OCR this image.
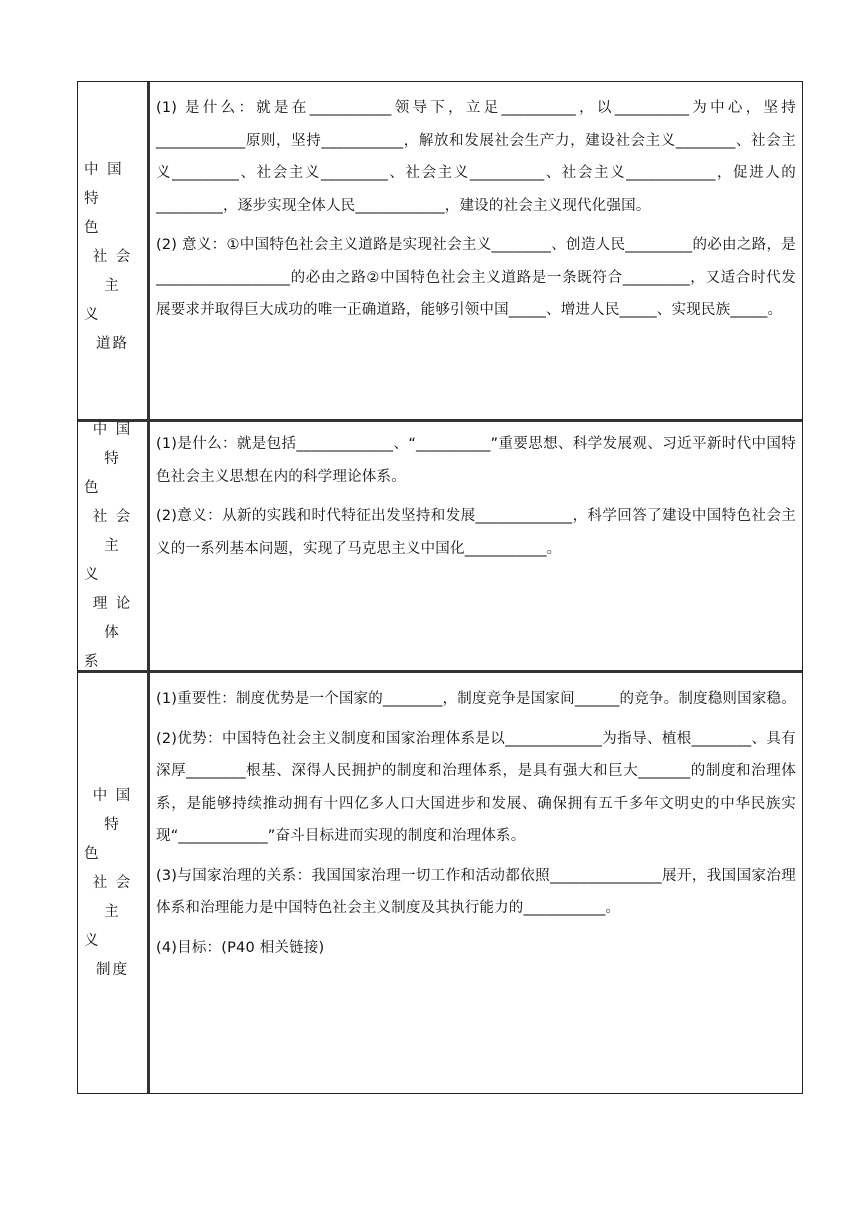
中 国 特
色
社 会 主
义
道路

(1) 是什么：就是在___________领导下，立足__________，以__________为中心，坚持____________原则，坚持___________，解放和发展社会生产力，建设社会主义________、社会主义_________、社会主义_________、社会主义__________、社会主义____________，促进人的_________，逐步实现全体人民____________，建设的社会主义现代化强国。

(2) 意义：①中国特色社会主义道路是实现社会主义________、创造人民_________的必由之路，是__________________的必由之路②中国特色社会主义道路是一条既符合_________，又适合时代发展要求并取得巨大成功的唯一正确道路，能够引领中国_____、增进人民_____、实现民族_____。

中 国 特
色
社 会 主
义
理 论 体
系

(1)是什么：就是包括_____________、“__________”重要思想、科学发展观、习近平新时代中国特色社会主义思想在内的科学理论体系。

(2)意义：从新的实践和时代特征出发坚持和发展_____________，科学回答了建设中国特色社会主义的一系列基本问题，实现了马克思主义中国化___________。

中 国 特
色
社 会 主
义
制度

(1)重要性：制度优势是一个国家的________，制度竞争是国家间______的竞争。制度稳则国家稳。

(2)优势：中国特色社会主义制度和国家治理体系是以_____________为指导、植根________、具有深厚________根基、深得人民拥护的制度和治理体系，是具有强大和巨大_______的制度和治理体系，是能够持续推动拥有十四亿多人口大国进步和发展、确保拥有五千多年文明史的中华民族实现“____________”奋斗目标进而实现的制度和治理体系。

(3)与国家治理的关系：我国国家治理一切工作和活动都依照_______________展开，我国国家治理体系和治理能力是中国特色社会主义制度及其执行能力的___________。

(4)目标：(P40 相关链接)
